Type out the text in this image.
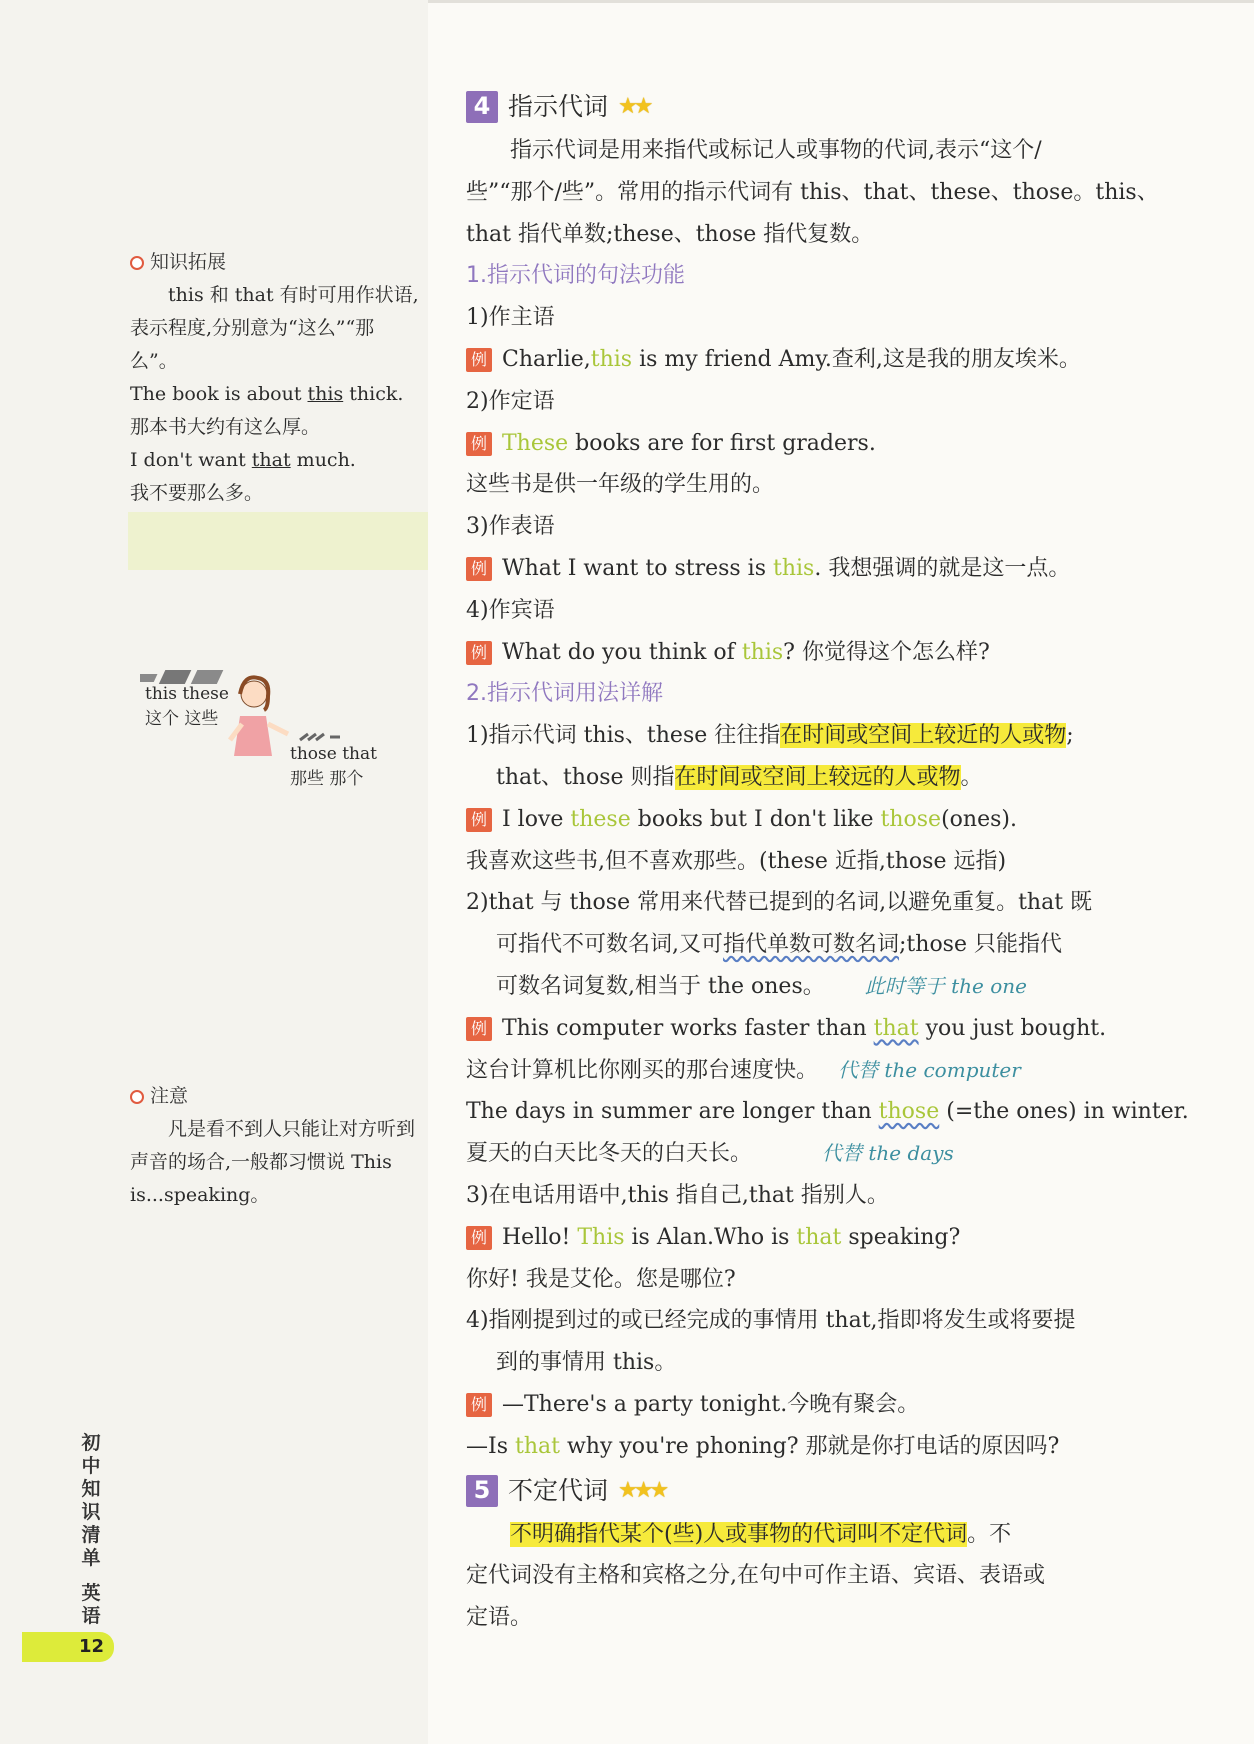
知识拓展
this 和 that 有时可用作状语,表示程度,分别意为“这么”“那么”。
The book is about this thick.
那本书大约有这么厚。
I don't want that much.
我不要那么多。
this these
这个 这些
those that
那些 那个
注意
凡是看不到人只能让对方听到声音的场合,一般都习惯说 This is...speaking。
4 指示代词 ★★
指示代词是用来指代或标记人或事物的代词,表示“这个/
些”“那个/些”。常用的指示代词有 this、that、these、those。this、
that 指代单数;these、those 指代复数。
1.指示代词的句法功能
1)作主语
例 Charlie,this is my friend Amy.查利,这是我的朋友埃米。
2)作定语
例 These books are for first graders.
这些书是供一年级的学生用的。
3)作表语
例 What I want to stress is this. 我想强调的就是这一点。
4)作宾语
例 What do you think of this? 你觉得这个怎么样?
2.指示代词用法详解
1)指示代词 this、these 往往指在时间或空间上较近的人或物;
that、those 则指在时间或空间上较远的人或物。
例 I love these books but I don't like those(ones).
我喜欢这些书,但不喜欢那些。(these 近指,those 远指)
2)that 与 those 常用来代替已提到的名词,以避免重复。that 既
可指代不可数名词,又可指代单数可数名词;those 只能指代
可数名词复数,相当于 the ones。 此时等于 the one
例 This computer works faster than that you just bought.
这台计算机比你刚买的那台速度快。 代替 the computer
The days in summer are longer than those (=the ones) in winter.
夏天的白天比冬天的白天长。	代替 the days
3)在电话用语中,this 指自己,that 指别人。
例 Hello! This is Alan.Who is that speaking?
你好! 我是艾伦。您是哪位?
4)指刚提到过的或已经完成的事情用 that,指即将发生或将要提
到的事情用 this。
例 —There's a party tonight.今晚有聚会。
—Is that why you're phoning? 那就是你打电话的原因吗?
5 不定代词 ★★★
不明确指代某个(些)人或事物的代词叫不定代词。不
定代词没有主格和宾格之分,在句中可作主语、宾语、表语或
定语。
初
中
知
识
清
单
英
语
12
